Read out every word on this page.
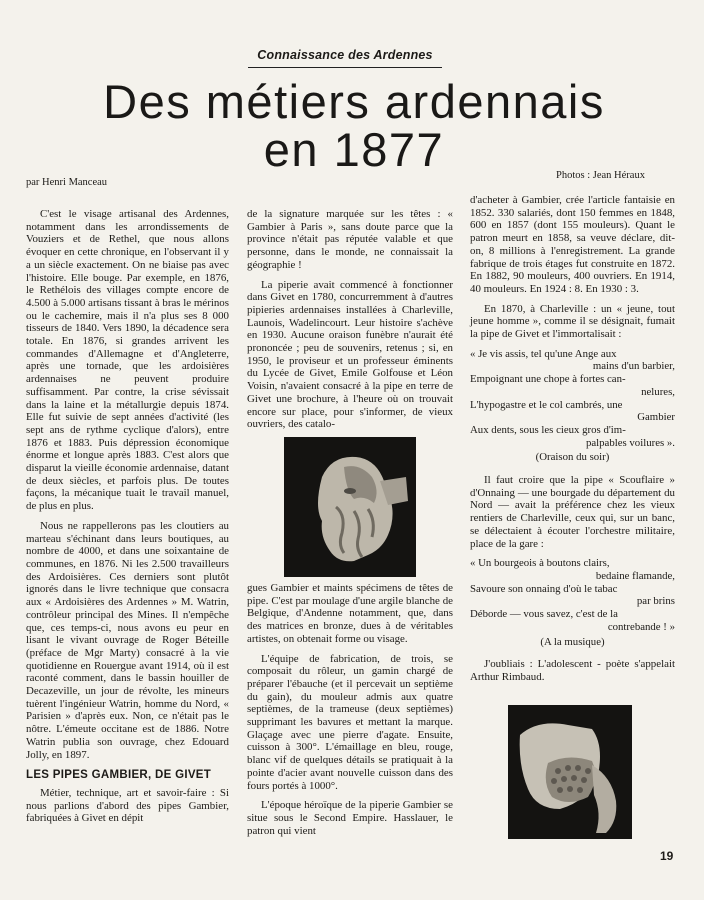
Connaissance des Ardennes
Des métiers ardennais
en 1877
par Henri Manceau
Photos : Jean Héraux

C'est le visage artisanal des Ardennes, notamment dans les arrondissements de Vouziers et de Rethel, que nous allons évoquer en cette chronique, en l'observant il y a un siècle exactement. On ne biaise pas avec l'histoire. Elle bouge. Par exemple, en 1876, le Rethélois des villages compte encore de 4.500 à 5.000 artisans tissant à bras le mérinos ou le cachemire, mais il n'a plus ses 8 000 tisseurs de 1840. Vers 1890, la décadence sera totale. En 1876, si grandes arrivent les commandes d'Allemagne et d'Angleterre, après une tornade, que les ardoisières ardennaises ne peuvent produire suffisamment. Par contre, la crise sévissait dans la laine et la métallurgie depuis 1874. Elle fut suivie de sept années d'activité (les sept ans de rythme cyclique d'alors), entre 1876 et 1883. Puis dépression économique énorme et longue après 1883. C'est alors que disparut la vieille économie ardennaise, datant de deux siècles, et parfois plus. De toutes façons, la mécanique tuait le travail manuel, de plus en plus.

Nous ne rappellerons pas les cloutiers au marteau s'échinant dans leurs boutiques, au nombre de 4000, et dans une soixantaine de communes, en 1876. Ni les 2.500 travailleurs des Ardoisières. Ces derniers sont plutôt ignorés dans le livre technique que consacra aux « Ardoisières des Ardennes » M. Watrin, contrôleur principal des Mines. Il n'empêche que, ces temps-ci, nous avons eu peur en lisant le vivant ouvrage de Roger Béteille (préface de Mgr Marty) consacré à la vie quotidienne en Rouergue avant 1914, où il est raconté comment, dans le bassin houiller de Decazeville, un jour de révolte, les mineurs tuèrent l'ingénieur Watrin, homme du Nord, « Parisien » d'après eux. Non, ce n'était pas le nôtre. L'émeute occitane est de 1886. Notre Watrin publia son ouvrage, chez Edouard Jolly, en 1897.

LES PIPES GAMBIER, DE GIVET

Métier, technique, art et savoir-faire : Si nous parlions d'abord des pipes Gambier, fabriquées à Givet en dépit

de la signature marquée sur les têtes : « Gambier à Paris », sans doute parce que la province n'était pas réputée valable et que personne, dans le monde, ne connaissait la géographie !

La piperie avait commencé à fonctionner dans Givet en 1780, concurremment à d'autres pipieries ardennaises installées à Charleville, Launois, Wadelincourt. Leur histoire s'achève en 1930. Aucune oraison funèbre n'aurait été prononcée ; peu de souvenirs, retenus ; si, en 1950, le proviseur et un professeur éminents du Lycée de Givet, Emile Golfouse et Léon Voisin, n'avaient consacré à la pipe en terre de Givet une brochure, à l'heure où on trouvait encore sur place, pour s'informer, de vieux ouvriers, des catalo-

gues Gambier et maints spécimens de têtes de pipe. C'est par moulage d'une argile blanche de Belgique, d'Andenne notamment, que, dans des matrices en bronze, dues à de véritables artistes, on obtenait forme ou visage.

L'équipe de fabrication, de trois, se composait du rôleur, un gamin chargé de préparer l'ébauche (et il percevait un septième du gain), du mouleur admis aux quatre septièmes, de la trameuse (deux septièmes) supprimant les bavures et mettant la marque. Glaçage avec une pierre d'agate. Ensuite, cuisson à 300°. L'émaillage en bleu, rouge, blanc vif de quelques détails se pratiquait à la pointe d'acier avant nouvelle cuisson dans des fours portés à 1000°.

L'époque héroïque de la piperie Gambier se situe sous le Second Empire. Hasslauer, le patron qui vient

d'acheter à Gambier, crée l'article fantaisie en 1852. 330 salariés, dont 150 femmes en 1848, 600 en 1857 (dont 155 mouleurs). Quant le patron meurt en 1858, sa veuve déclare, dit-on, 8 millions à l'enregistrement. La grande fabrique de trois étages fut construite en 1872. En 1882, 90 mouleurs, 400 ouvriers. En 1914, 40 mouleurs. En 1924 : 8. En 1930 : 3.

En 1870, à Charleville : un « jeune, tout jeune homme », comme il se désignait, fumait la pipe de Givet et l'immortalisait :

« Je vis assis, tel qu'une Ange aux
mains d'un barbier,
Empoignant une chope à fortes can-
nelures,
L'hypogastre et le col cambrés, une
Gambier
Aux dents, sous les cieux gros d'im-
palpables voilures ».
(Oraison du soir)

Il faut croire que la pipe « Scouflaire » d'Onnaing — une bourgade du département du Nord — avait la préférence chez les vieux rentiers de Charleville, ceux qui, sur un banc, se délectaient à écouter l'orchestre militaire, place de la gare :

« Un bourgeois à boutons clairs,
bedaine flamande,
Savoure son onnaing d'où le tabac
par brins
Déborde — vous savez, c'est de la
contrebande ! »
(A la musique)

J'oubliais : L'adolescent - poète s'appelait Arthur Rimbaud.

19
